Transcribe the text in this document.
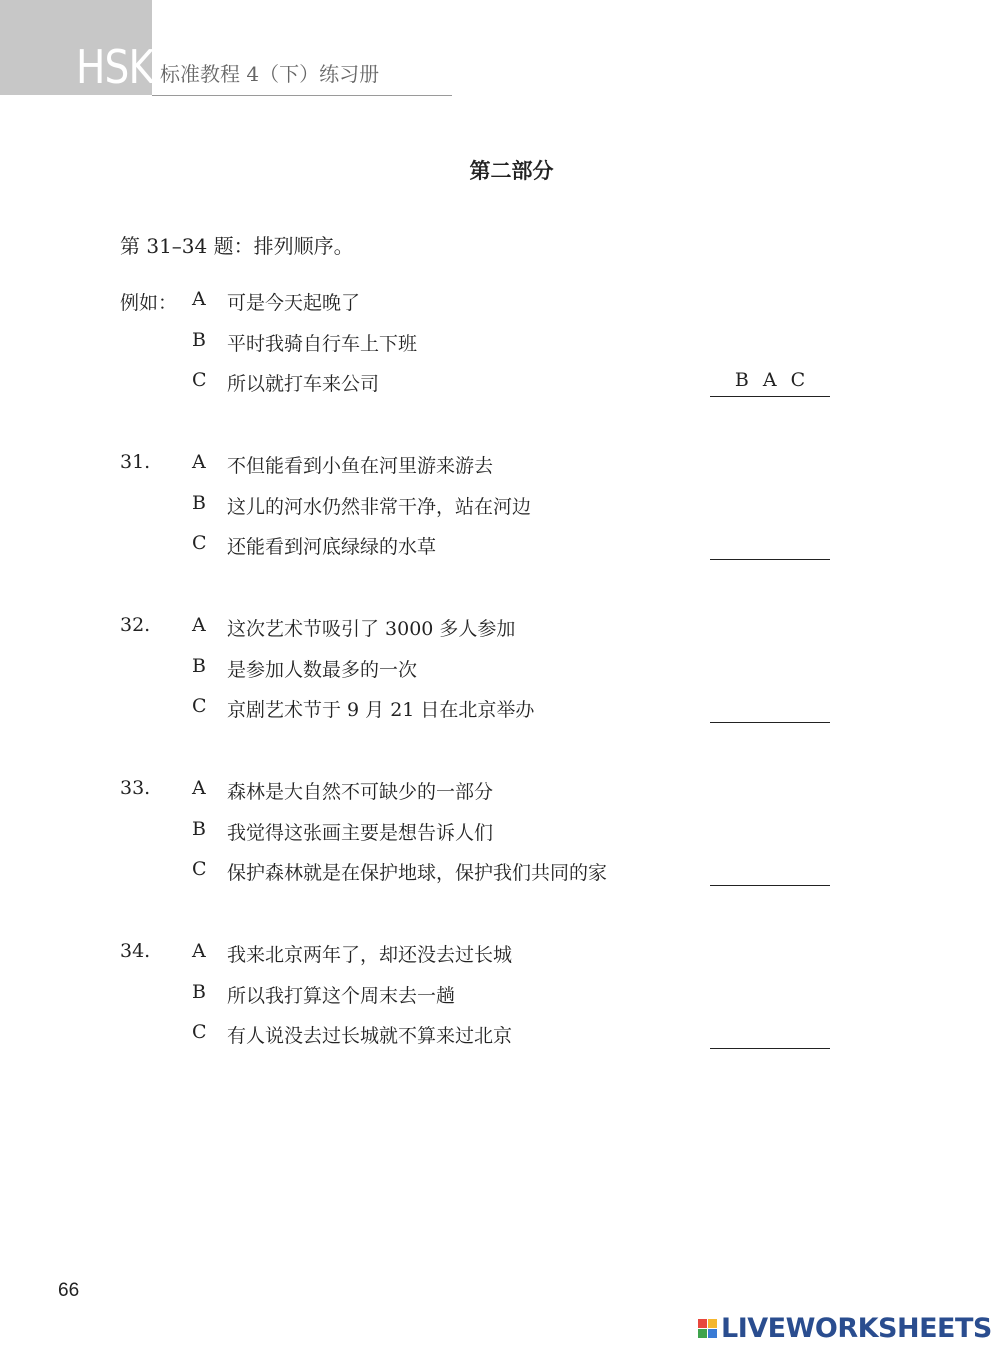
HSK 标准教程 4（下）练习册
第二部分
第 31–34 题：排列顺序。
例如： A 可是今天起晚了
B 平时我骑自行车上下班
C 所以就打车来公司	B A C
31. A 不但能看到小鱼在河里游来游去
B 这儿的河水仍然非常干净，站在河边
C 还能看到河底绿绿的水草
32. A 这次艺术节吸引了 3000 多人参加
B 是参加人数最多的一次
C 京剧艺术节于 9 月 21 日在北京举办
33. A 森林是大自然不可缺少的一部分
B 我觉得这张画主要是想告诉人们
C 保护森林就是在保护地球，保护我们共同的家
34. A 我来北京两年了，却还没去过长城
B 所以我打算这个周末去一趟
C 有人说没去过长城就不算来过北京
66
LIVEWORKSHEETS
